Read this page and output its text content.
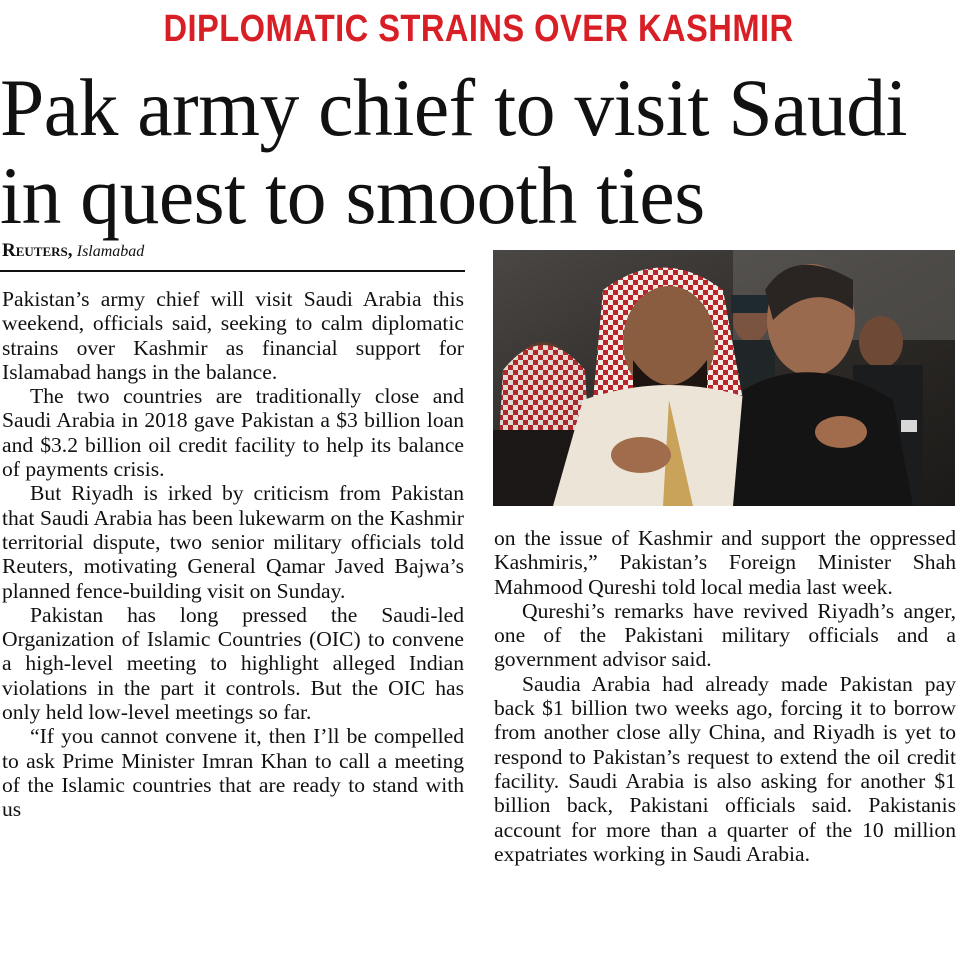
DIPLOMATIC STRAINS OVER KASHMIR
Pak army chief to visit Saudi
in quest to smooth ties
Reuters, Islamabad

Pakistan’s army chief will visit Saudi Arabia this weekend, officials said, seeking to calm diplomatic strains over Kashmir as financial support for Islamabad hangs in the balance.

The two countries are traditionally close and Saudi Arabia in 2018 gave Pakistan a $3 billion loan and $3.2 billion oil credit facility to help its balance of payments crisis.

But Riyadh is irked by criticism from Pakistan that Saudi Arabia has been lukewarm on the Kashmir territorial dispute, two senior military officials told Reuters, motivating General Qamar Javed Bajwa’s planned fence-building visit on Sunday.

Pakistan has long pressed the Saudi-led Organization of Islamic Countries (OIC) to convene a high-level meeting to highlight alleged Indian violations in the part it controls. But the OIC has only held low-level meetings so far.

“If you cannot convene it, then I’ll be compelled to ask Prime Minister Imran Khan to call a meeting of the Islamic countries that are ready to stand with us

on the issue of Kashmir and support the oppressed Kashmiris,” Pakistan’s Foreign Minister Shah Mahmood Qureshi told local media last week.

Qureshi’s remarks have revived Riyadh’s anger, one of the Pakistani military officials and a government advisor said.

Saudia Arabia had already made Pakistan pay back $1 billion two weeks ago, forcing it to borrow from another close ally China, and Riyadh is yet to respond to Pakistan’s request to extend the oil credit facility. Saudi Arabia is also asking for another $1 billion back, Pakistani officials said. Pakistanis account for more than a quarter of the 10 million expatriates working in Saudi Arabia.
